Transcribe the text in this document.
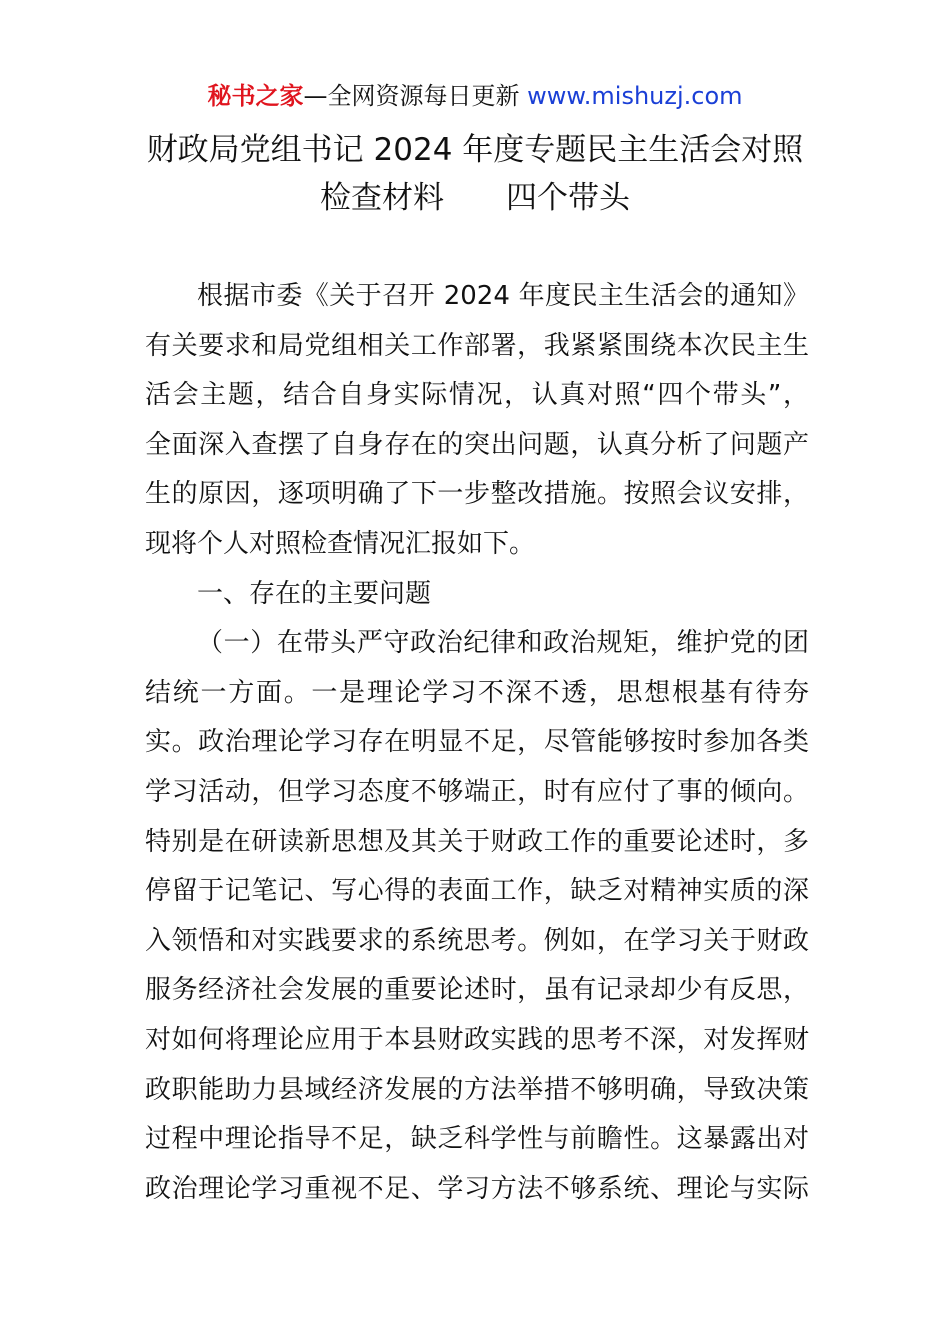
秘书之家—全网资源每日更新 www.mishuzj.com
财政局党组书记 2024 年度专题民主生活会对照
检查材料　　四个带头

根据市委《关于召开 2024 年度民主生活会的通知》
有关要求和局党组相关工作部署，我紧紧围绕本次民主生
活会主题，结合自身实际情况，认真对照“四个带头”，
全面深入查摆了自身存在的突出问题，认真分析了问题产
生的原因，逐项明确了下一步整改措施。按照会议安排，
现将个人对照检查情况汇报如下。

一、存在的主要问题

（一）在带头严守政治纪律和政治规矩，维护党的团
结统一方面。一是理论学习不深不透，思想根基有待夯
实。政治理论学习存在明显不足，尽管能够按时参加各类
学习活动，但学习态度不够端正，时有应付了事的倾向。
特别是在研读新思想及其关于财政工作的重要论述时，多
停留于记笔记、写心得的表面工作，缺乏对精神实质的深
入领悟和对实践要求的系统思考。例如，在学习关于财政
服务经济社会发展的重要论述时，虽有记录却少有反思，
对如何将理论应用于本县财政实践的思考不深，对发挥财
政职能助力县域经济发展的方法举措不够明确，导致决策
过程中理论指导不足，缺乏科学性与前瞻性。这暴露出对
政治理论学习重视不足、学习方法不够系统、理论与实际
